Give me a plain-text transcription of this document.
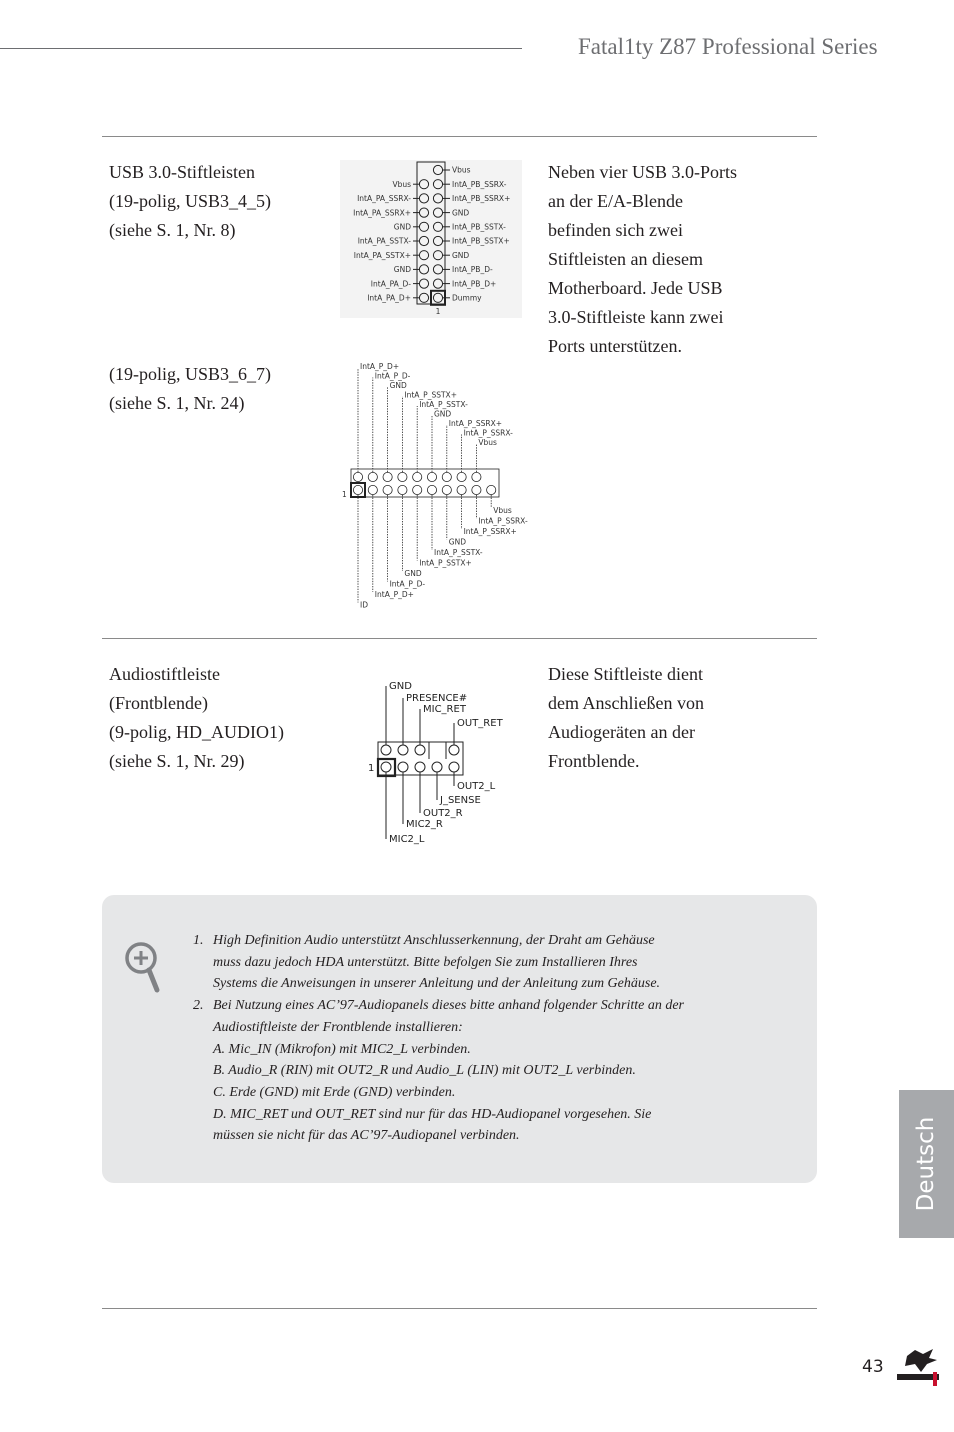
Fatal1ty Z87 Professional Series
USB 3.0-Stiftleisten
(19-polig, USB3_4_5)
(siehe S. 1, Nr. 8)
(19-polig, USB3_6_7)
(siehe S. 1, Nr. 24)
Neben vier USB 3.0-Ports
an der E/A-Blende
befinden sich zwei
Stiftleisten an diesem
Motherboard. Jede USB
3.0-Stiftleiste kann zwei
Ports unterstützen.
Vbus
IntA_PB_SSRX-
IntA_PB_SSRX+
GND
IntA_PB_SSTX-
IntA_PB_SSTX+
GND
IntA_PB_D-
IntA_PB_D+
Dummy
Vbus
IntA_PA_SSRX-
IntA_PA_SSRX+
GND
IntA_PA_SSTX-
IntA_PA_SSTX+
GND
IntA_PA_D-
IntA_PA_D+
1
IntA_P_D+
IntA_P_D-
GND
IntA_P_SSTX+
IntA_P_SSTX-
GND
IntA_P_SSRX+
IntA_P_SSRX-
Vbus
Vbus
IntA_P_SSRX-
IntA_P_SSRX+
GND
IntA_P_SSTX-
IntA_P_SSTX+
GND
IntA_P_D-
IntA_P_D+
ID
1
Audiostiftleiste
(Frontblende)
(9-polig, HD_AUDIO1)
(siehe S. 1, Nr. 29)
Diese Stiftleiste dient
dem Anschließen von
Audiogeräten an der
Frontblende.
GND
PRESENCE#
MIC_RET
OUT_RET
OUT2_L
J_SENSE
OUT2_R
MIC2_R
MIC2_L
1
1. High Definition Audio unterstützt Anschlusserkennung, der Draht am Gehäuse
muss dazu jedoch HDA unterstützt. Bitte befolgen Sie zum Installieren Ihres
Systems die Anweisungen in unserer Anleitung und der Anleitung zum Gehäuse.
2. Bei Nutzung eines AC’97-Audiopanels dieses bitte anhand folgender Schritte an der
Audiostiftleiste der Frontblende installieren:
A. Mic_IN (Mikrofon) mit MIC2_L verbinden.
B. Audio_R (RIN) mit OUT2_R und Audio_L (LIN) mit OUT2_L verbinden.
C. Erde (GND) mit Erde (GND) verbinden.
D. MIC_RET und OUT_RET sind nur für das HD-Audiopanel vorgesehen. Sie
müssen sie nicht für das AC’97-Audiopanel verbinden.	Deutsch
43
